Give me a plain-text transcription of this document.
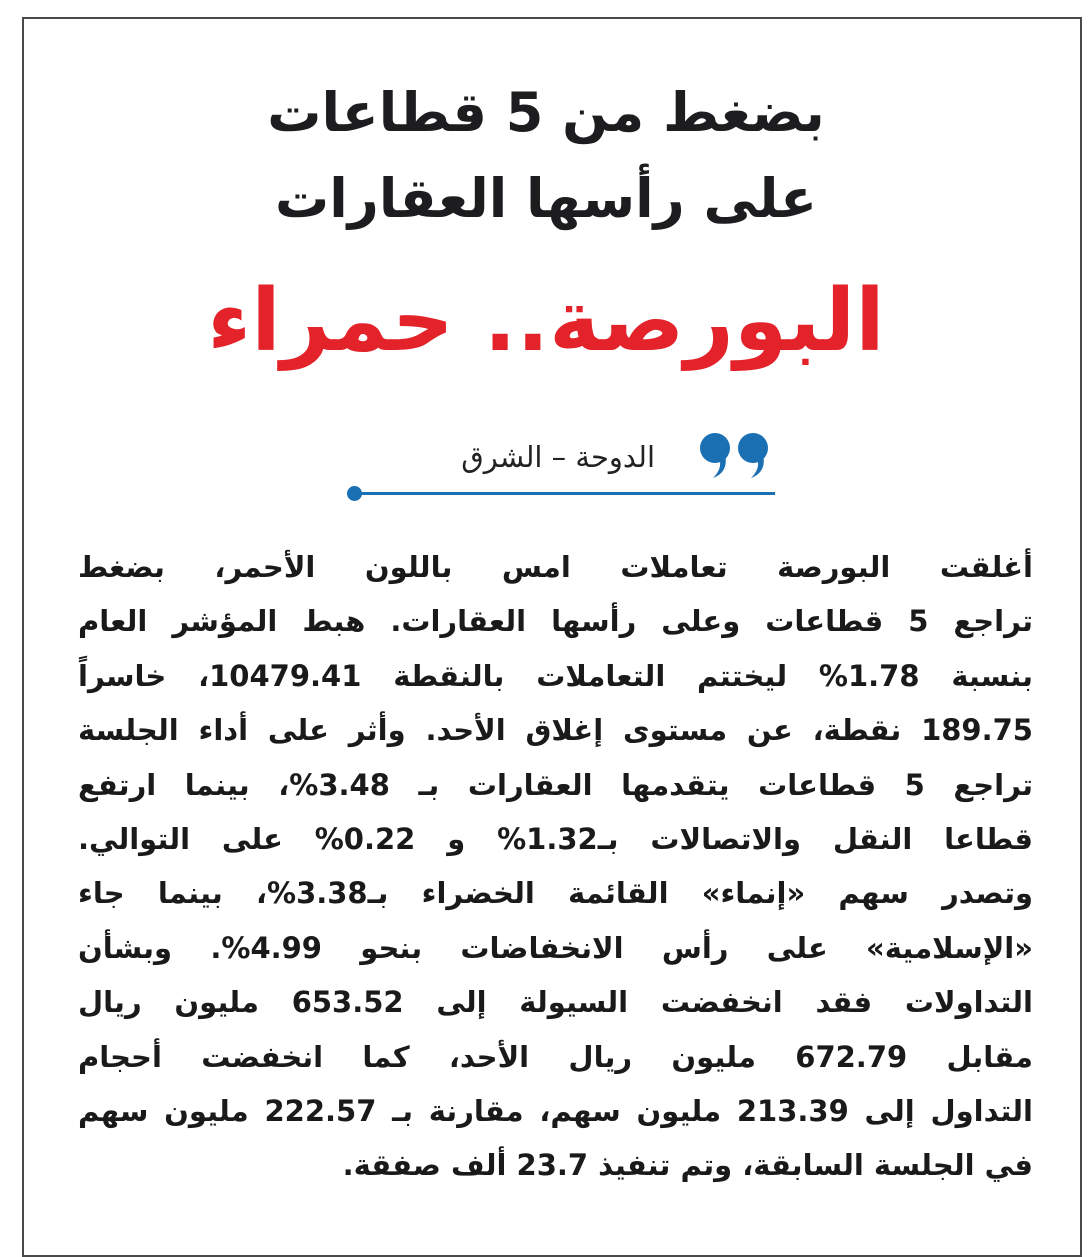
بضغط من 5 قطاعات
على رأسها العقارات
البورصة.. حمراء
الدوحة – الشرق
أغلقت البورصة تعاملات امس باللون الأحمر، بضغط
تراجع 5 قطاعات وعلى رأسها العقارات. هبط المؤشر العام
بنسبة 1.78% ليختتم التعاملات بالنقطة 10479.41، خاسراً
189.75 نقطة، عن مستوى إغلاق الأحد. وأثر على أداء الجلسة
تراجع 5 قطاعات يتقدمها العقارات بـ 3.48%، بينما ارتفع
قطاعا النقل والاتصالات بـ1.32% و 0.22% على التوالي.
وتصدر سهم «إنماء» القائمة الخضراء بـ3.38%، بينما جاء
«الإسلامية» على رأس الانخفاضات بنحو 4.99%. وبشأن
التداولات فقد انخفضت السيولة إلى 653.52 مليون ريال
مقابل 672.79 مليون ريال الأحد، كما انخفضت أحجام
التداول إلى 213.39 مليون سهم، مقارنة بـ 222.57 مليون سهم
في الجلسة السابقة، وتم تنفيذ 23.7 ألف صفقة.
